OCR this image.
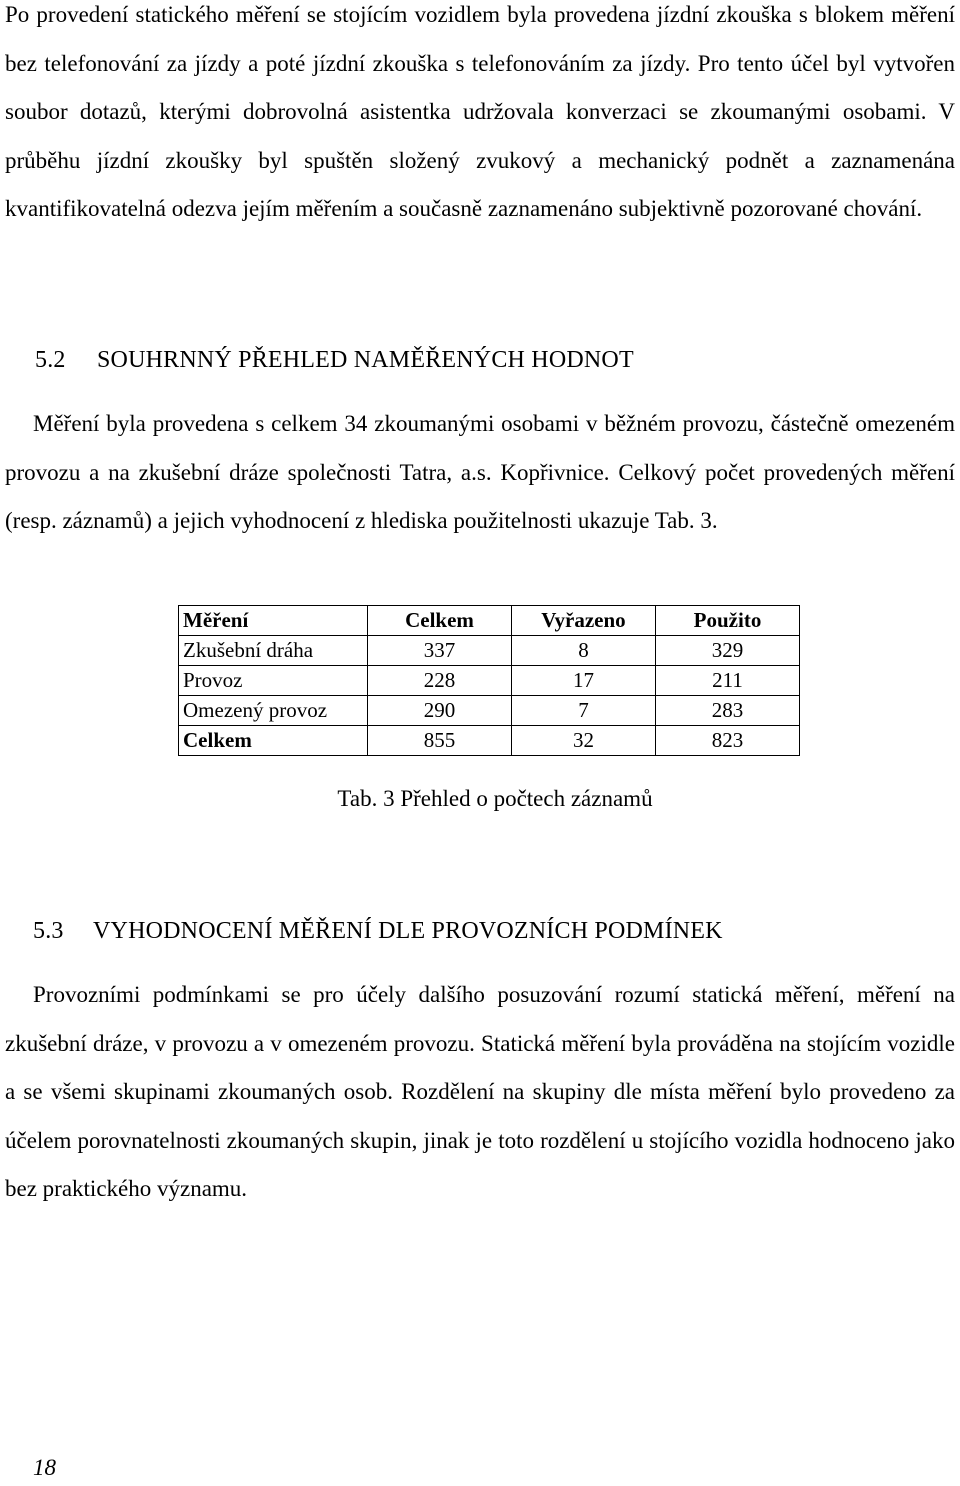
Po provedení statického měření se stojícím vozidlem byla provedena jízdní zkouška s blokem měření bez telefonování za jízdy a poté jízdní zkouška s telefonováním za jízdy. Pro tento účel byl vytvořen soubor dotazů, kterými dobrovolná asistentka udržovala konverzaci se zkoumanými osobami. V průběhu jízdní zkoušky byl spuštěn složený zvukový a mechanický podnět a zaznamenána kvantifikovatelná odezva jejím měřením a současně zaznamenáno subjektivně pozorované chování.

5.2 SOUHRNNÝ PŘEHLED NAMĚŘENÝCH HODNOT

Měření byla provedena s celkem 34 zkoumanými osobami v běžném provozu, částečně omezeném provozu a na zkušební dráze společnosti Tatra, a.s. Kopřivnice. Celkový počet provedených měření (resp. záznamů) a jejich vyhodnocení z hlediska použitelnosti ukazuje Tab. 3.

Měření	Celkem	Vyřazeno	Použito
Zkušební dráha	337	8	329
Provoz	228	17	211
Omezený provoz	290	7	283
Celkem	855	32	823

Tab. 3 Přehled o počtech záznamů

5.3 VYHODNOCENÍ MĚŘENÍ DLE PROVOZNÍCH PODMÍNEK

Provozními podmínkami se pro účely dalšího posuzování rozumí statická měření, měření na zkušební dráze, v provozu a v omezeném provozu. Statická měření byla prováděna na stojícím vozidle a se všemi skupinami zkoumaných osob. Rozdělení na skupiny dle místa měření bylo provedeno za účelem porovnatelnosti zkoumaných skupin, jinak je toto rozdělení u stojícího vozidla hodnoceno jako bez praktického významu.

18
